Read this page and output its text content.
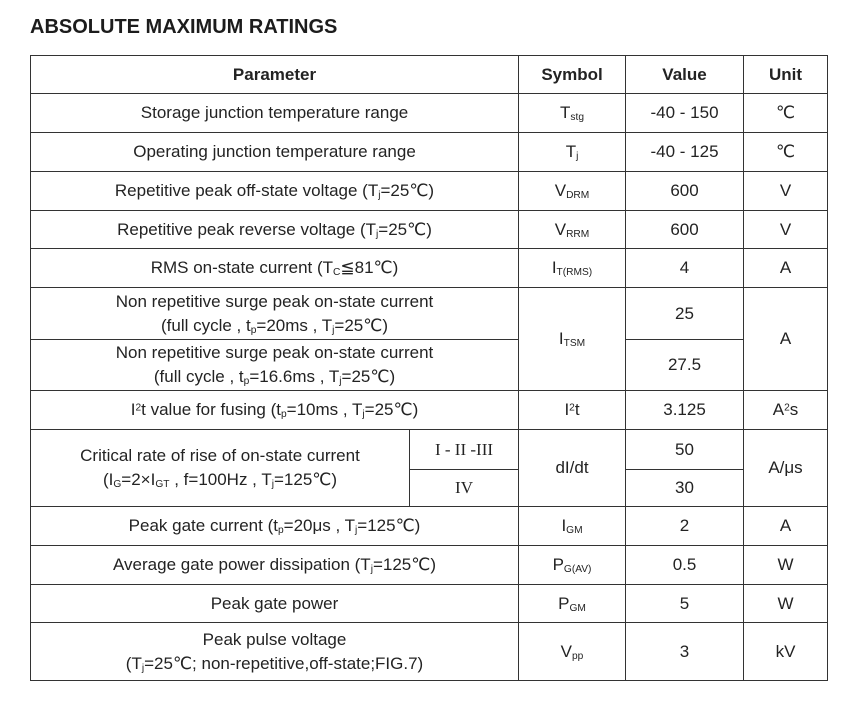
ABSOLUTE MAXIMUM RATINGS
Parameter		Symbol	Value	Unit
Storage junction temperature range		$T_{stg}$	-40 - 150	℃
Operating junction temperature range		$T_j$	-40 - 125	℃
Repetitive peak off-state voltage $(T_j=25℃)$		$V_{DRM}$	600	V
Repetitive peak reverse voltage $(T_j=25℃)$		$V_{RRM}$	600	V
RMS on-state current $(T_C≦81℃)$		$I_{T(RMS)}$	4	A
Non repetitive surge peak on-state current
(full cycle , $t_p=20ms$ , $T_j=25℃$)		$I_{TSM}$	25	A
Non repetitive surge peak on-state current
(full cycle , $t_p=16.6ms$ , $T_j=25℃$)			27.5	
$I^2t$ value for fusing ($t_p=10ms$ , $T_j=25℃$)		$I^2t$	3.125	$A^2s$
Critical rate of rise of on-state current
($I_G=2\times I_{GT}$ , f=100Hz , $T_j=125℃$)	I - II -III	dI/dt	50	A/μs
	IV		30	
Peak gate current ($t_p=20\mu s$ , $T_j=125℃$)		$I_{GM}$	2	A
Average gate power dissipation $(T_j=125℃)$		$P_{G(AV)}$	0.5	W
Peak gate power		$P_{GM}$	5	W
Peak pulse voltage
($T_j=25℃$; non-repetitive,off-state;FIG.7)		$V_{pp}$	3	kV
